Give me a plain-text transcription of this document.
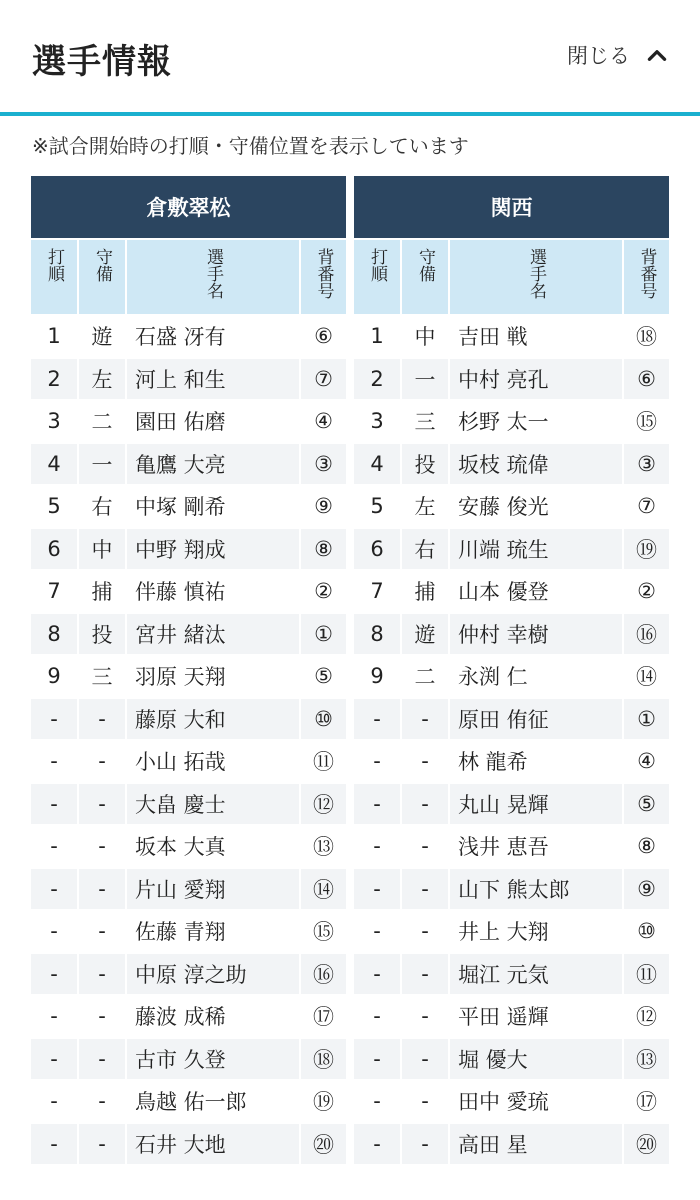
選手情報	閉じる
※試合開始時の打順・守備位置を表示しています
倉敷翠松
打順 守備	選手名	背番号
1	遊	石盛 冴有	⑥
2	左	河上 和生	⑦
3	二	園田 佑磨	④
4	一	亀鷹 大亮	③
5	右	中塚 剛希	⑨
6	中	中野 翔成	⑧
7	捕	伴藤 慎祐	②
8	投	宮井 緒汰	①
9	三	羽原 天翔	⑤
-	-	藤原 大和	⑩
-	-	小山 拓哉	⑪
-	-	大畠 慶士	⑫
-	-	坂本 大真	⑬
-	-	片山 愛翔	⑭
-	-	佐藤 青翔	⑮
-	-	中原 淳之助	⑯
-	-	藤波 成稀	⑰
-	-	古市 久登	⑱
-	-	鳥越 佑一郎	⑲
-	-	石井 大地	⑳
関西
打順 守備	選手名	背番号
1	中	吉田 戦	⑱
2	一	中村 亮孔	⑥
3	三	杉野 太一	⑮
4	投	坂枝 琉偉	③
5	左	安藤 俊光	⑦
6	右	川端 琉生	⑲
7	捕	山本 優登	②
8	遊	仲村 幸樹	⑯
9	二	永渕 仁	⑭
-	-	原田 侑征	①
-	-	林 龍希	④
-	-	丸山 晃輝	⑤
-	-	浅井 恵吾	⑧
-	-	山下 熊太郎	⑨
-	-	井上 大翔	⑩
-	-	堀江 元気	⑪
-	-	平田 遥輝	⑫
-	-	堀 優大	⑬
-	-	田中 愛琉	⑰
-	-	高田 星	⑳
